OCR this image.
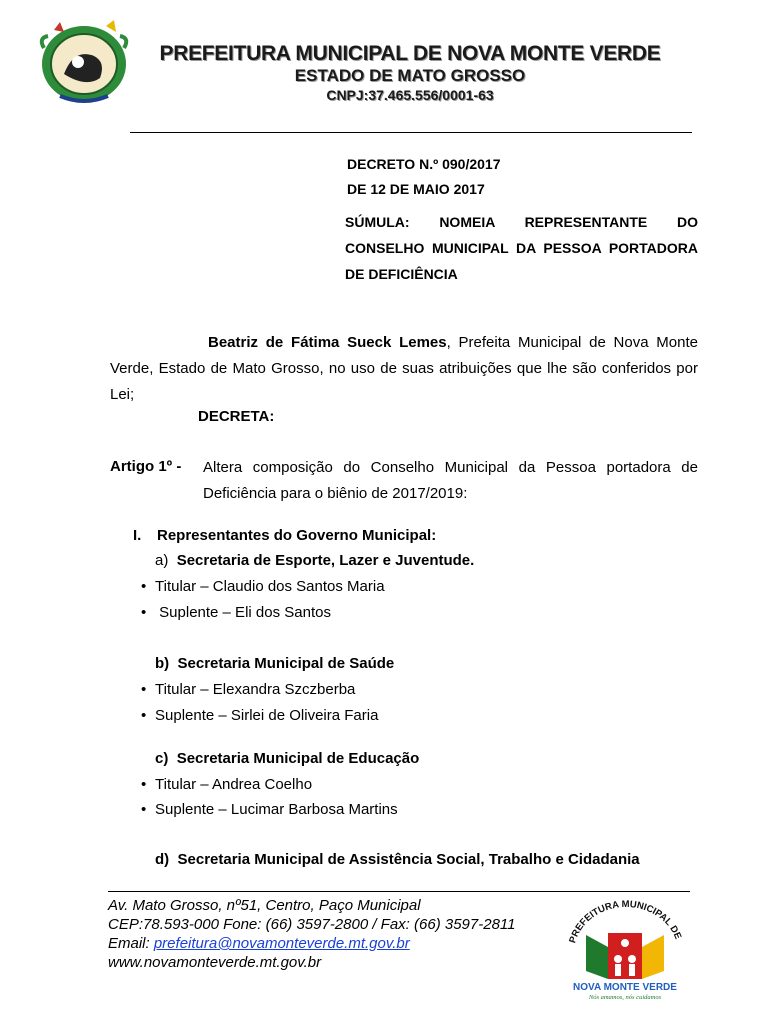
PREFEITURA MUNICIPAL DE NOVA MONTE VERDE
ESTADO DE MATO GROSSO
CNPJ:37.465.556/0001-63
DECRETO N.º 090/2017
DE 12 DE MAIO 2017
SÚMULA: NOMEIA REPRESENTANTE DO CONSELHO MUNICIPAL DA PESSOA PORTADORA DE DEFICIÊNCIA
Beatriz de Fátima Sueck Lemes, Prefeita Municipal de Nova Monte Verde, Estado de Mato Grosso, no uso de suas atribuições que lhe são conferidos por Lei;
DECRETA:
Artigo 1º - Altera composição do Conselho Municipal da Pessoa portadora de Deficiência para o biênio de 2017/2019:
I. Representantes do Governo Municipal:
a) Secretaria de Esporte, Lazer e Juventude.
• Titular – Claudio dos Santos Maria
• Suplente – Eli dos Santos
b) Secretaria Municipal de Saúde
• Titular – Elexandra Szczberba
• Suplente – Sirlei de Oliveira Faria
c) Secretaria Municipal de Educação
• Titular – Andrea Coelho
• Suplente – Lucimar Barbosa Martins
d) Secretaria Municipal de Assistência Social, Trabalho e Cidadania
Av. Mato Grosso, nº51, Centro, Paço Municipal
CEP:78.593-000 Fone: (66) 3597-2800 / Fax: (66) 3597-2811
Email: prefeitura@novamonteverde.mt.gov.br
www.novamonteverde.mt.gov.br
PREFEITURA MUNICIPAL DE
NOVA MONTE VERDE
Nós amamos, nós cuidamos
